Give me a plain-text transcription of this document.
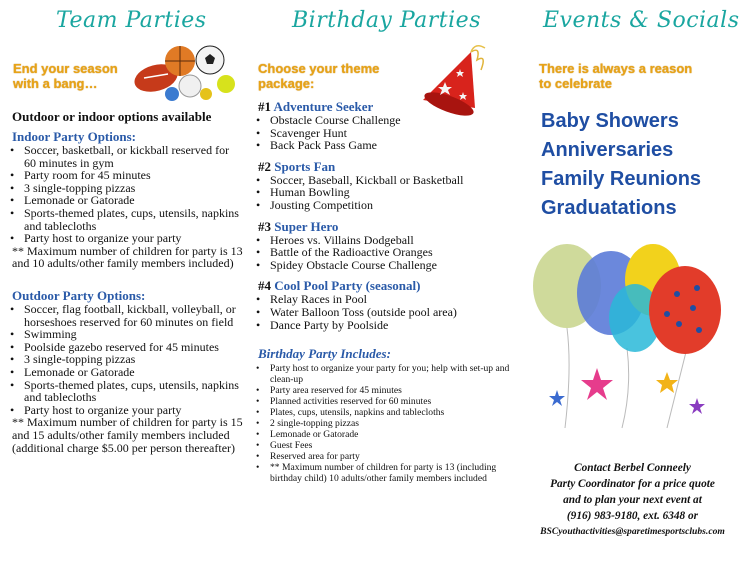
Team Parties
End your season
with a bang…
Outdoor or indoor options available
Indoor Party Options:
• Soccer, basketball, or kickball reserved for 60 minutes in gym
• Party room for 45 minutes
• 3 single-topping pizzas
• Lemonade or Gatorade
• Sports-themed plates, cups, utensils, napkins and tablecloths
• Party host to organize your party
** Maximum number of children for party is 13 and 10 adults/other family members included)
Outdoor Party Options:
• Soccer, flag football, kickball, volleyball, or horseshoes reserved for 60 minutes on field
• Swimming
• Poolside gazebo reserved for 45 minutes
• 3 single-topping pizzas
• Lemonade or Gatorade
• Sports-themed plates, cups, utensils, napkins and tablecloths
• Party host to organize your party
** Maximum number of children for party is 15 and 15 adults/other family members included (additional charge $5.00 per person thereafter)
Birthday Parties
Choose your theme
package:
#1 Adventure Seeker
• Obstacle Course Challenge
• Scavenger Hunt
• Back Pack Pass Game
#2 Sports Fan
• Soccer, Baseball, Kickball or Basketball
• Human Bowling
• Jousting Competition
#3 Super Hero
• Heroes vs. Villains Dodgeball
• Battle of the Radioactive Oranges
• Spidey Obstacle Course Challenge
#4 Cool Pool Party (seasonal)
• Relay Races in Pool
• Water Balloon Toss (outside pool area)
• Dance Party by Poolside
Birthday Party Includes:
• Party host to organize your party for you; help with set-up and clean-up
• Party area reserved for 45 minutes
• Planned activities reserved for 60 minutes
• Plates, cups, utensils, napkins and tablecloths
• 2 single-topping pizzas
• Lemonade or Gatorade
• Guest Fees
• Reserved area for party
• ** Maximum number of children for party is 13 (including birthday child) 10 adults/other family members included
Events & Socials
There is always a reason
to celebrate
Baby Showers
Anniversaries
Family Reunions
Graduatations
Contact Berbel Conneely
Party Coordinator for a price quote
and to plan your next event at
(916) 983-9180, ext. 6348 or
BSCyouthactivities@sparetimesportsclubs.com
